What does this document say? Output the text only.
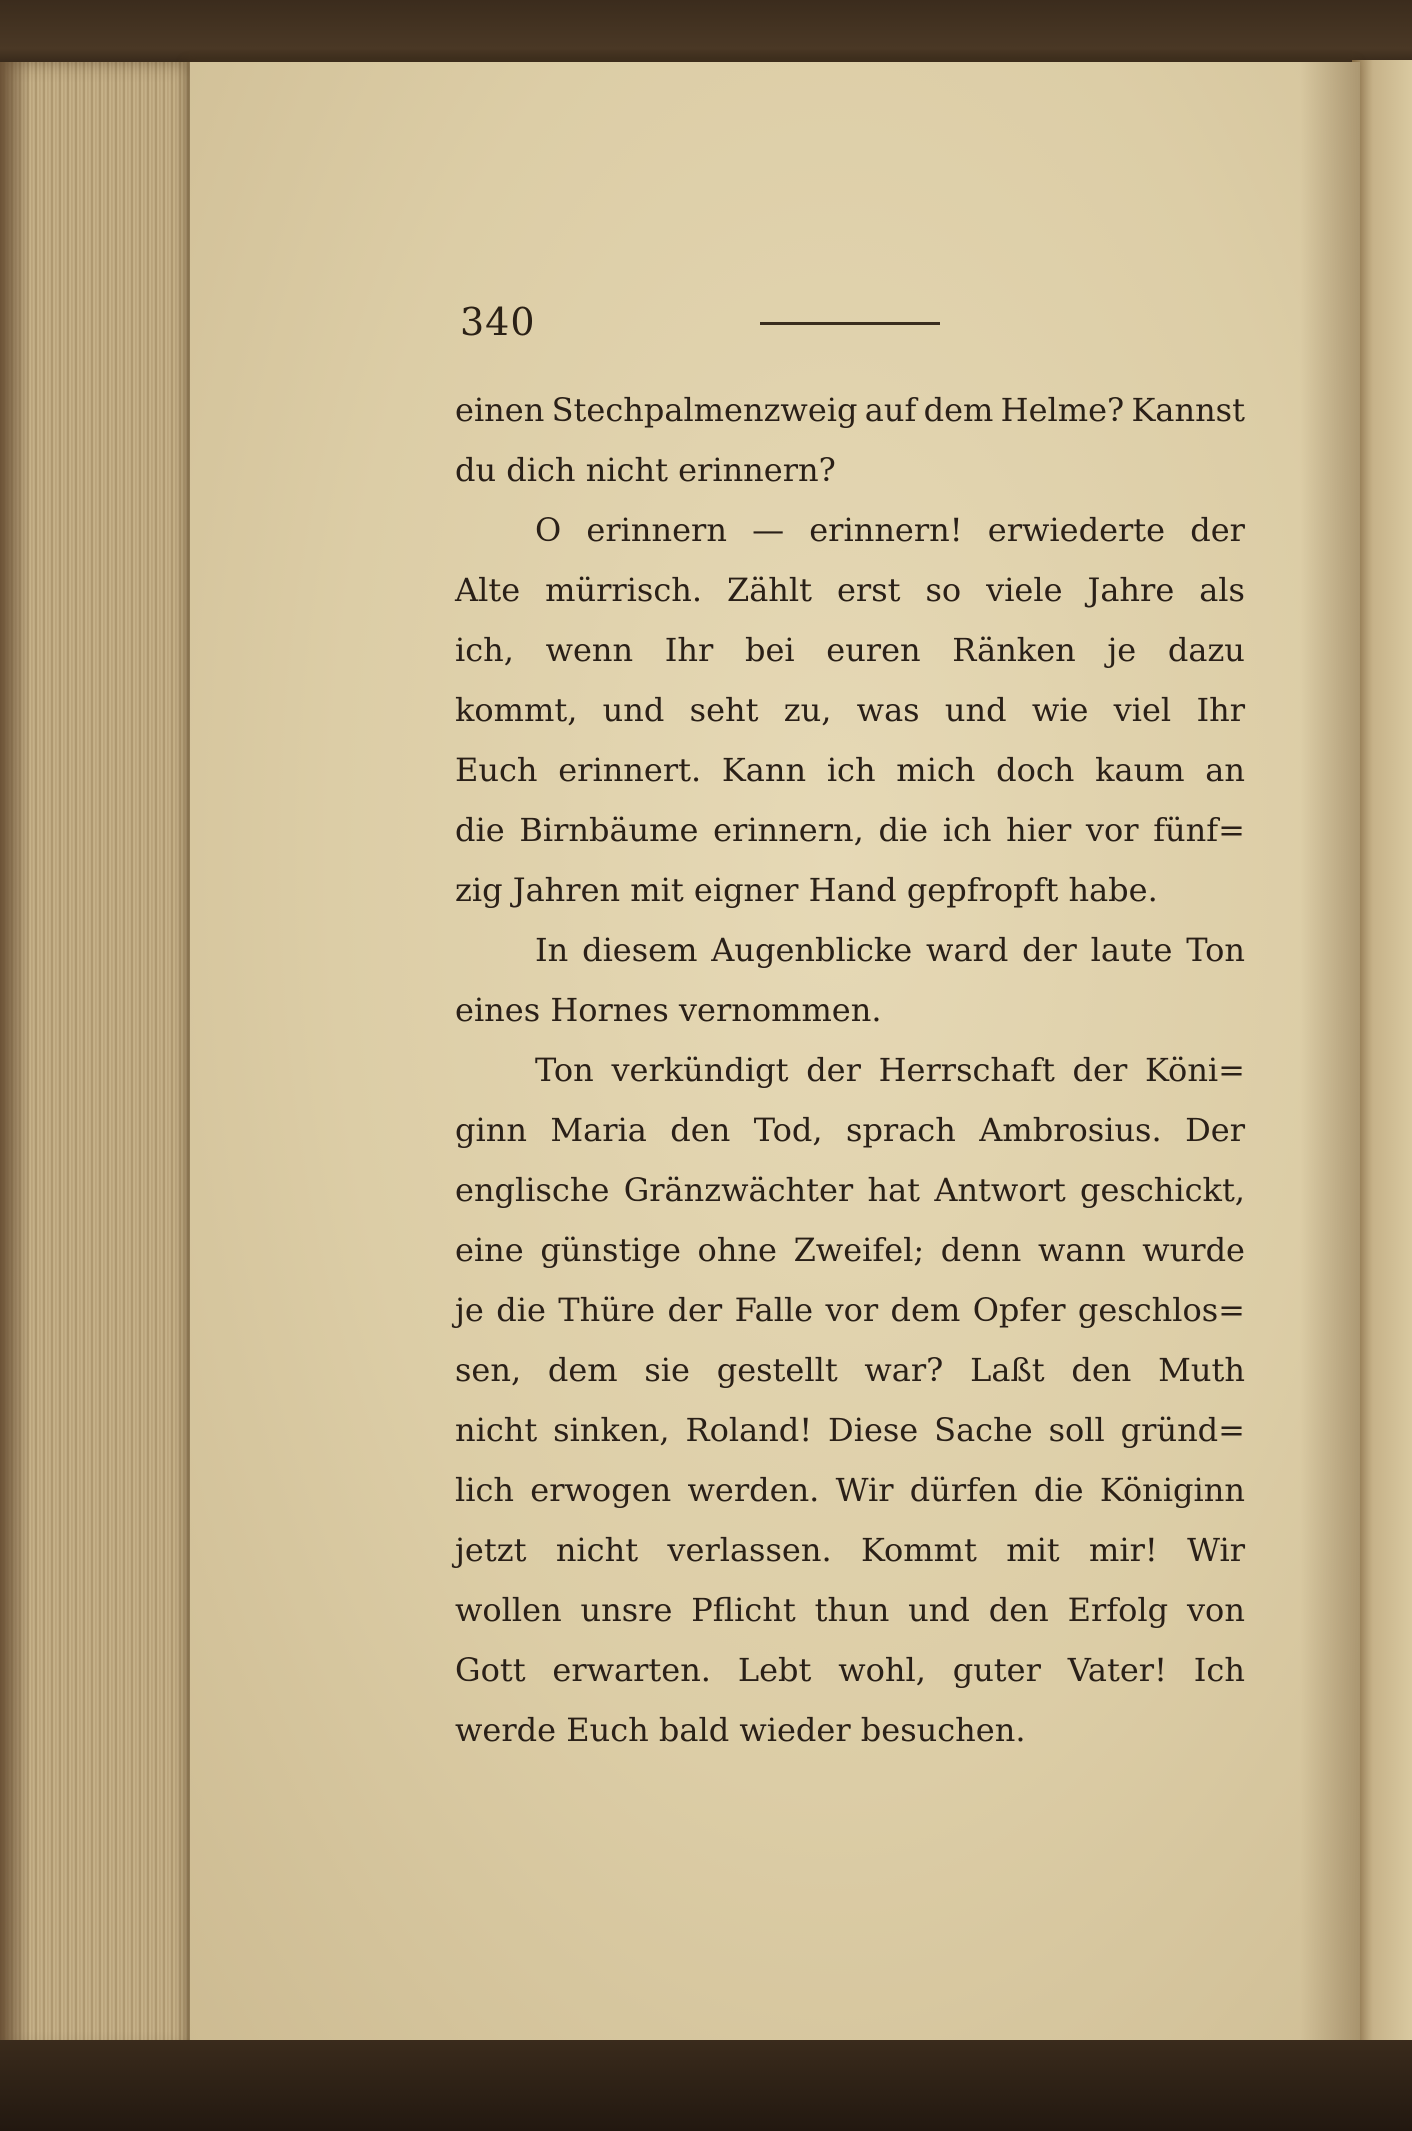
340
einen Stechpalmenzweig auf dem Helme? Kannst
du dich nicht erinnern?
O erinnern — erinnern! erwiederte der
Alte mürrisch. Zählt erst so viele Jahre als
ich, wenn Ihr bei euren Ränken je dazu
kommt, und seht zu, was und wie viel Ihr
Euch erinnert. Kann ich mich doch kaum an
die Birnbäume erinnern, die ich hier vor fünf=
zig Jahren mit eigner Hand gepfropft habe.
In diesem Augenblicke ward der laute Ton
eines Hornes vernommen.
Ton verkündigt der Herrschaft der Köni=
ginn Maria den Tod, sprach Ambrosius. Der
englische Gränzwächter hat Antwort geschickt,
eine günstige ohne Zweifel; denn wann wurde
je die Thüre der Falle vor dem Opfer geschlos=
sen, dem sie gestellt war? Laßt den Muth
nicht sinken, Roland! Diese Sache soll gründ=
lich erwogen werden. Wir dürfen die Königinn
jetzt nicht verlassen. Kommt mit mir! Wir
wollen unsre Pflicht thun und den Erfolg von
Gott erwarten. Lebt wohl, guter Vater! Ich
werde Euch bald wieder besuchen.
